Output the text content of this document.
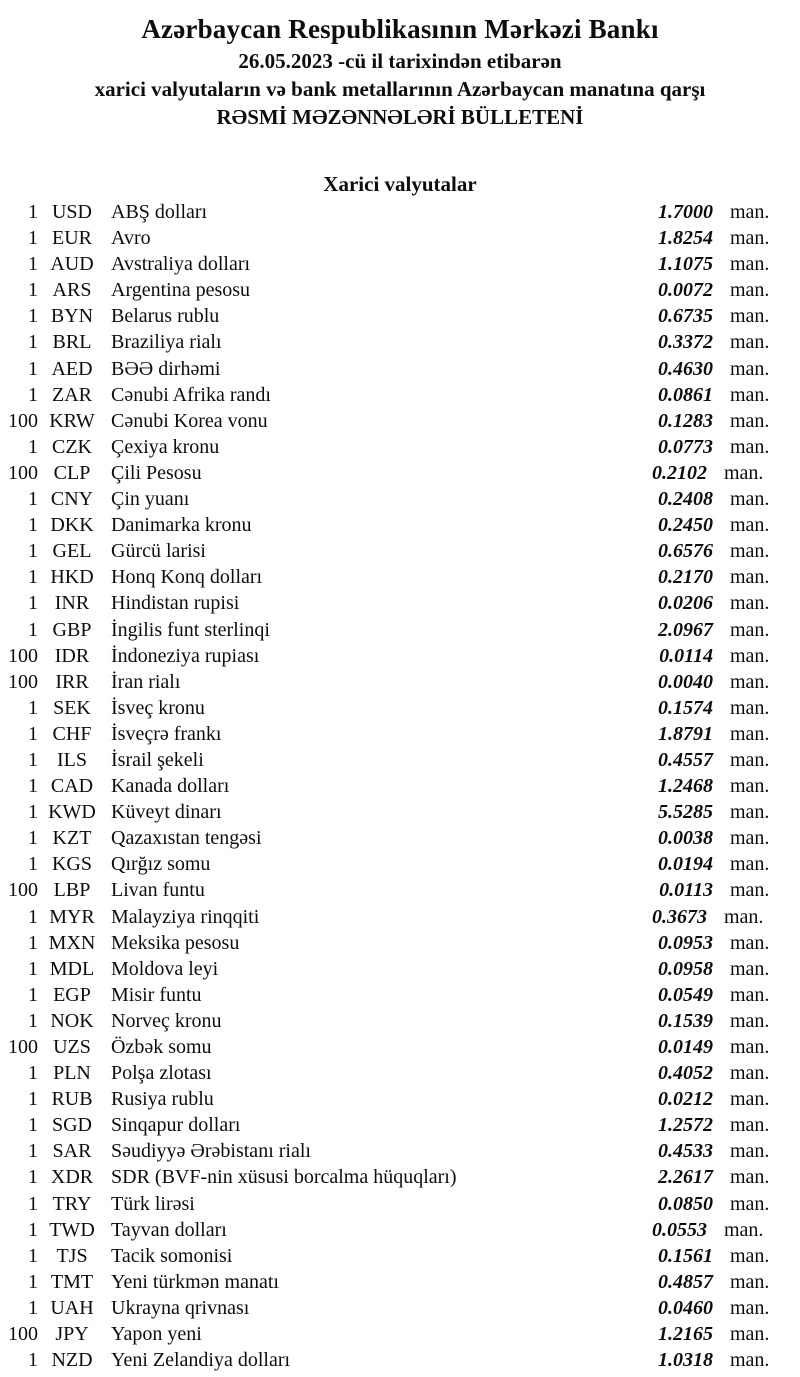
Azərbaycan Respublikasının Mərkəzi Bankı
26.05.2023 -cü il tarixindən etibarən
xarici valyutaların və bank metallarının Azərbaycan manatına qarşı
RƏSMİ MƏZƏNNƏLƏRİ BÜLLETENİ
Xarici valyutalar
1 USD ABŞ dolları	1.7000 man.
1 EUR Avro	1.8254 man.
1 AUD Avstraliya dolları	1.1075 man.
1 ARS Argentina pesosu	0.0072 man.
1 BYN Belarus rublu	0.6735 man.
1 BRL Braziliya rialı	0.3372 man.
1 AED BƏƏ dirhəmi	0.4630 man.
1 ZAR Cənubi Afrika randı	0.0861 man.
100 KRW Cənubi Korea vonu	0.1283 man.
1 CZK Çexiya kronu	0.0773 man.
100 CLP	Çili Pesosu	0.2102 man.
1 CNY Çin yuanı	0.2408 man.
1 DKK Danimarka kronu	0.2450 man.
1 GEL Gürcü larisi	0.6576 man.
1 HKD Honq Konq dolları	0.2170 man.
1 INR	Hindistan rupisi	0.0206 man.
1 GBP İngilis funt sterlinqi	2.0967 man.
100 IDR	İndoneziya rupiası	0.0114 man.
100 IRR	İran rialı	0.0040 man.
1 SEK	İsveç kronu	0.1574 man.
1 CHF İsveçrə frankı	1.8791 man.
1 ILS	İsrail şekeli	0.4557 man.
1 CAD Kanada dolları	1.2468 man.
1 KWD Küveyt dinarı	5.5285 man.
1 KZT Qazaxıstan tengəsi	0.0038 man.
1 KGS Qırğız somu	0.0194 man.
100 LBP	Livan funtu	0.0113 man.
1 MYR Malayziya rinqqiti	0.3673 man.
1 MXN Meksika pesosu	0.0953 man.
1 MDL Moldova leyi	0.0958 man.
1 EGP	Misir funtu	0.0549 man.
1 NOK Norveç kronu	0.1539 man.
100 UZS	Özbək somu	0.0149 man.
1 PLN	Polşa zlotası	0.4052 man.
1 RUB Rusiya rublu	0.0212 man.
1 SGD Sinqapur dolları	1.2572 man.
1 SAR Səudiyyə Ərəbistanı rialı	0.4533 man.
1 XDR SDR (BVF-nin xüsusi borcalma hüquqları)	2.2617 man.
1 TRY Türk lirəsi	0.0850 man.
1 TWD Tayvan dolları	0.0553 man.
1 TJS	Tacik somonisi	0.1561 man.
1 TMT Yeni türkmən manatı	0.4857 man.
1 UAH Ukrayna qrivnası	0.0460 man.
100 JPY	Yapon yeni	1.2165 man.
1 NZD Yeni Zelandiya dolları	1.0318 man.
